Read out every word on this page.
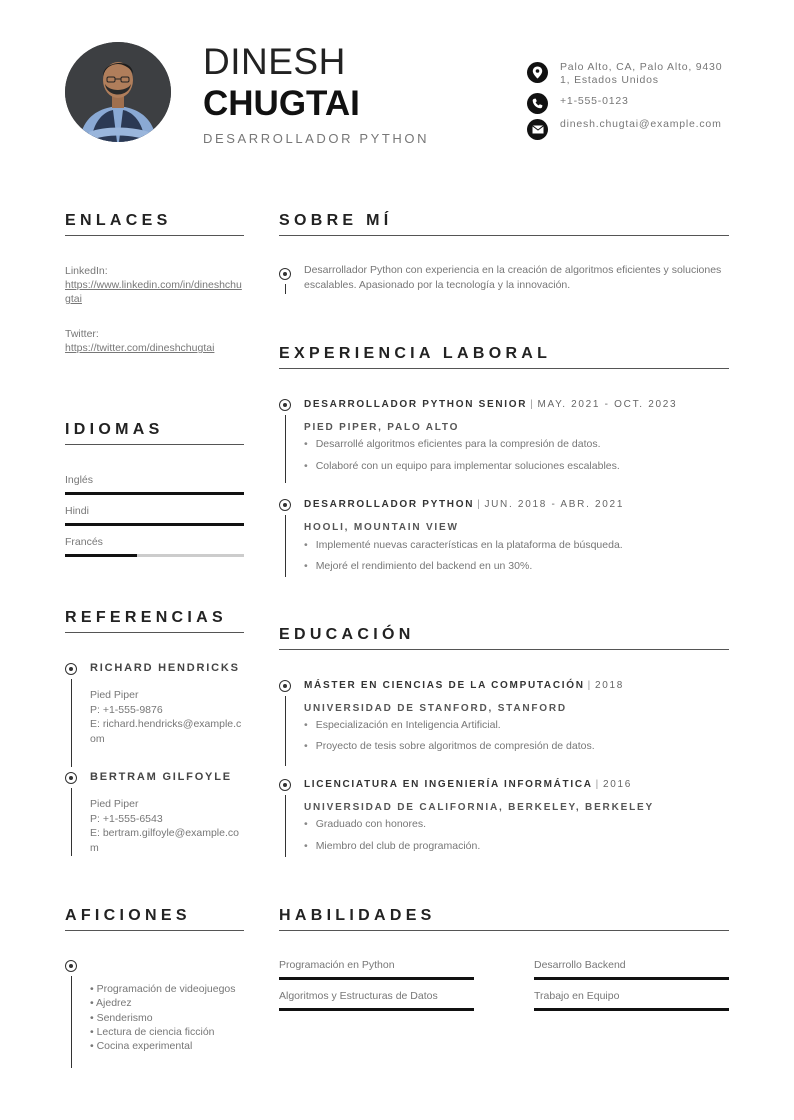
DINESH
CHUGTAI
DESARROLLADOR PYTHON
Palo Alto, CA, Palo Alto, 94301, Estados Unidos
+1-555-0123
dinesh.chugtai@example.com
ENLACES
LinkedIn:
https://www.linkedin.com/in/dineshchugtai
Twitter:
https://twitter.com/dineshchugtai
IDIOMAS
Inglés
Hindi
Francés
REFERENCIAS
RICHARD HENDRICKS
Pied Piper
P: +1-555-9876
E: richard.hendricks@example.com
BERTRAM GILFOYLE
Pied Piper
P: +1-555-6543
E: bertram.gilfoyle@example.com
AFICIONES
• Programación de videojuegos
• Ajedrez
• Senderismo
• Lectura de ciencia ficción
• Cocina experimental
SOBRE MÍ
Desarrollador Python con experiencia en la creación de algoritmos eficientes y soluciones escalables. Apasionado por la tecnología y la innovación.
EXPERIENCIA LABORAL
DESARROLLADOR PYTHON SENIOR | MAY. 2021 - OCT. 2023
PIED PIPER, PALO ALTO
• Desarrollé algoritmos eficientes para la compresión de datos.
• Colaboré con un equipo para implementar soluciones escalables.
DESARROLLADOR PYTHON | JUN. 2018 - ABR. 2021
HOOLI, MOUNTAIN VIEW
• Implementé nuevas características en la plataforma de búsqueda.
• Mejoré el rendimiento del backend en un 30%.
EDUCACIÓN
MÁSTER EN CIENCIAS DE LA COMPUTACIÓN | 2018
UNIVERSIDAD DE STANFORD, STANFORD
• Especialización en Inteligencia Artificial.
• Proyecto de tesis sobre algoritmos de compresión de datos.
LICENCIATURA EN INGENIERÍA INFORMÁTICA | 2016
UNIVERSIDAD DE CALIFORNIA, BERKELEY, BERKELEY
• Graduado con honores.
• Miembro del club de programación.
HABILIDADES
Programación en Python	Desarrollo Backend
Algoritmos y Estructuras de Datos	Trabajo en Equipo
